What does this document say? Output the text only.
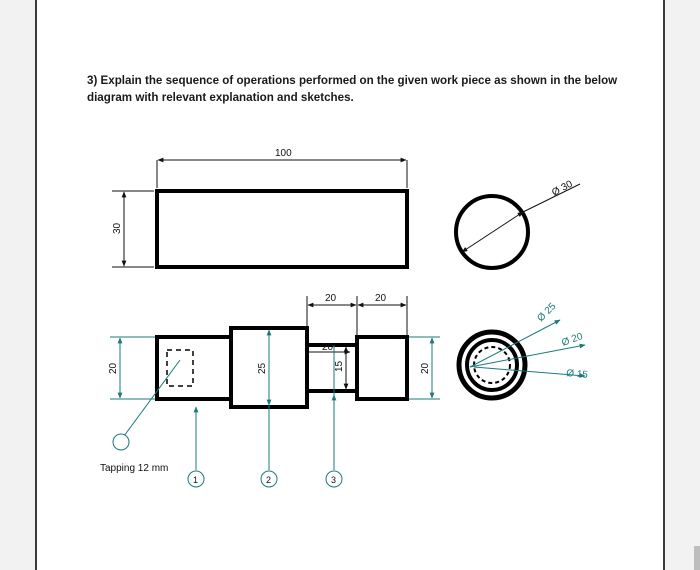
3) Explain the sequence of operations performed on the given work piece as shown in the below diagram with relevant explanation and sketches.
100
30
Ø 30
20	25
20	20
20
15	20
1	2	3
Tapping 12 mm
Ø 25
Ø 20
Ø 15
